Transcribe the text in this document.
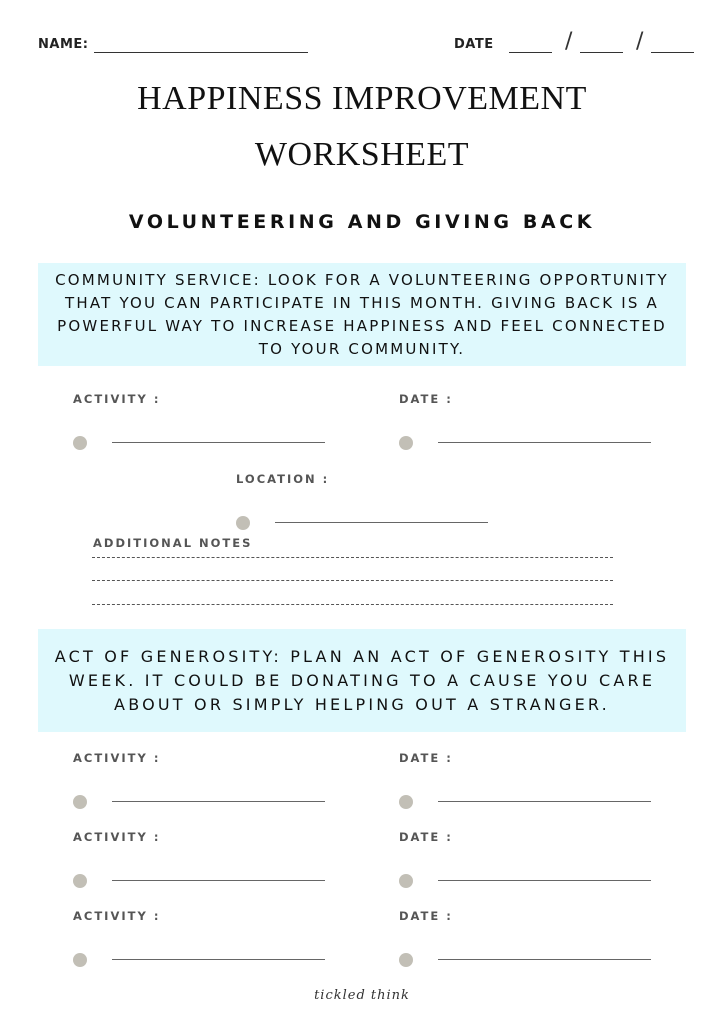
NAME:	DATE	/	/
HAPPINESS IMPROVEMENT
WORKSHEET
VOLUNTEERING AND GIVING BACK
COMMUNITY SERVICE: LOOK FOR A VOLUNTEERING OPPORTUNITY THAT YOU CAN PARTICIPATE IN THIS MONTH. GIVING BACK IS A POWERFUL WAY TO INCREASE HAPPINESS AND FEEL CONNECTED TO YOUR COMMUNITY.
ACTIVITY :	DATE :
LOCATION :
ADDITIONAL NOTES
ACT OF GENEROSITY: PLAN AN ACT OF GENEROSITY THIS WEEK. IT COULD BE DONATING TO A CAUSE YOU CARE ABOUT OR SIMPLY HELPING OUT A STRANGER.
ACTIVITY :	DATE :
ACTIVITY :	DATE :
ACTIVITY :	DATE :
tickled think
